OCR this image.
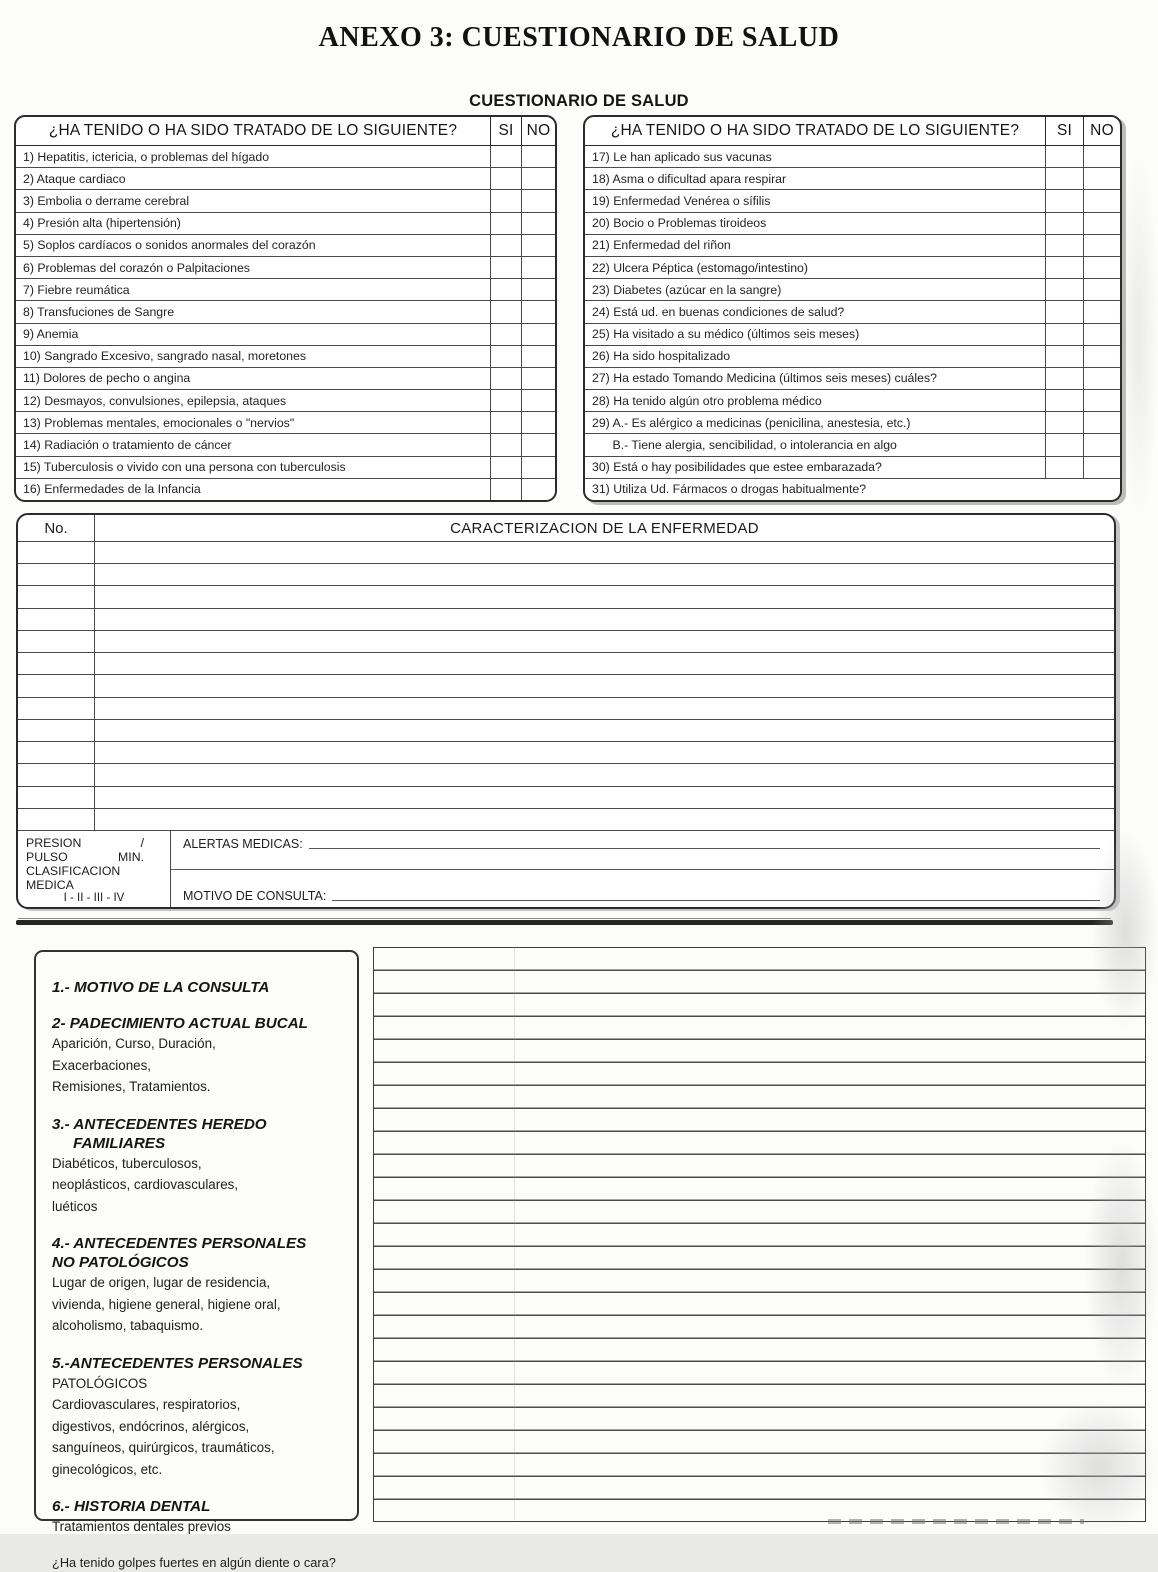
ANEXO 3: CUESTIONARIO DE SALUD
CUESTIONARIO DE SALUD
¿HA TENIDO O HA SIDO TRATADO DE LO SIGUIENTE?	SI NO
1) Hepatitis, ictericia, o problemas del hígado
2) Ataque cardiaco
3) Embolia o derrame cerebral
4) Presión alta (hipertensión)
5) Soplos cardíacos o sonidos anormales del corazón
6) Problemas del corazón o Palpitaciones
7) Fiebre reumática
8) Transfuciones de Sangre
9) Anemia
10) Sangrado Excesivo, sangrado nasal, moretones
11) Dolores de pecho o angina
12) Desmayos, convulsiones, epilepsia, ataques
13) Problemas mentales, emocionales o "nervios"
14) Radiación o tratamiento de cáncer
15) Tuberculosis o vivido con una persona con tuberculosis
16) Enfermedades de la Infancia
¿HA TENIDO O HA SIDO TRATADO DE LO SIGUIENTE?	SI	NO
17) Le han aplicado sus vacunas
18) Asma o dificultad apara respirar
19) Enfermedad Venérea o sífilis
20) Bocio o Problemas tiroideos
21) Enfermedad del riñon
22) Ulcera Péptica (estomago/intestino)
23) Diabetes (azúcar en la sangre)
24) Está ud. en buenas condiciones de salud?
25) Ha visitado a su médico (últimos seis meses)
26) Ha sido hospitalizado
27) Ha estado Tomando Medicina (últimos seis meses) cuáles?
28) Ha tenido algún otro problema médico
29) A.- Es alérgico a medicinas (penicilina, anestesia, etc.)
B.- Tiene alergia, sencibilidad, o intolerancia en algo
30) Está o hay posibilidades que estee embarazada?
31) Utiliza Ud. Fármacos o drogas habitualmente?
No.	CARACTERIZACION DE LA ENFERMEDAD
PRESION	/
PULSO	MIN.
CLASIFICACION MEDICA
I - II - III - IV
ALERTAS MEDICAS:
MOTIVO DE CONSULTA:
1.- MOTIVO DE LA CONSULTA
2- PADECIMIENTO ACTUAL BUCAL
Aparición, Curso, Duración,
Exacerbaciones,
Remisiones, Tratamientos.
3.- ANTECEDENTES HEREDO
FAMILIARES
Diabéticos, tuberculosos,
neoplásticos, cardiovasculares,
luéticos
4.- ANTECEDENTES PERSONALES
NO PATOLÓGICOS
Lugar de origen, lugar de residencia,
vivienda, higiene general, higiene oral,
alcoholismo, tabaquismo.
5.-ANTECEDENTES PERSONALES
PATOLÓGICOS
Cardiovasculares, respiratorios,
digestivos, endócrinos, alérgicos,
sanguíneos, quirúrgicos, traumáticos,
ginecológicos, etc.
6.- HISTORIA DENTAL
Tratamientos dentales previos
¿Ha tenido golpes fuertes en algún diente o cara?
